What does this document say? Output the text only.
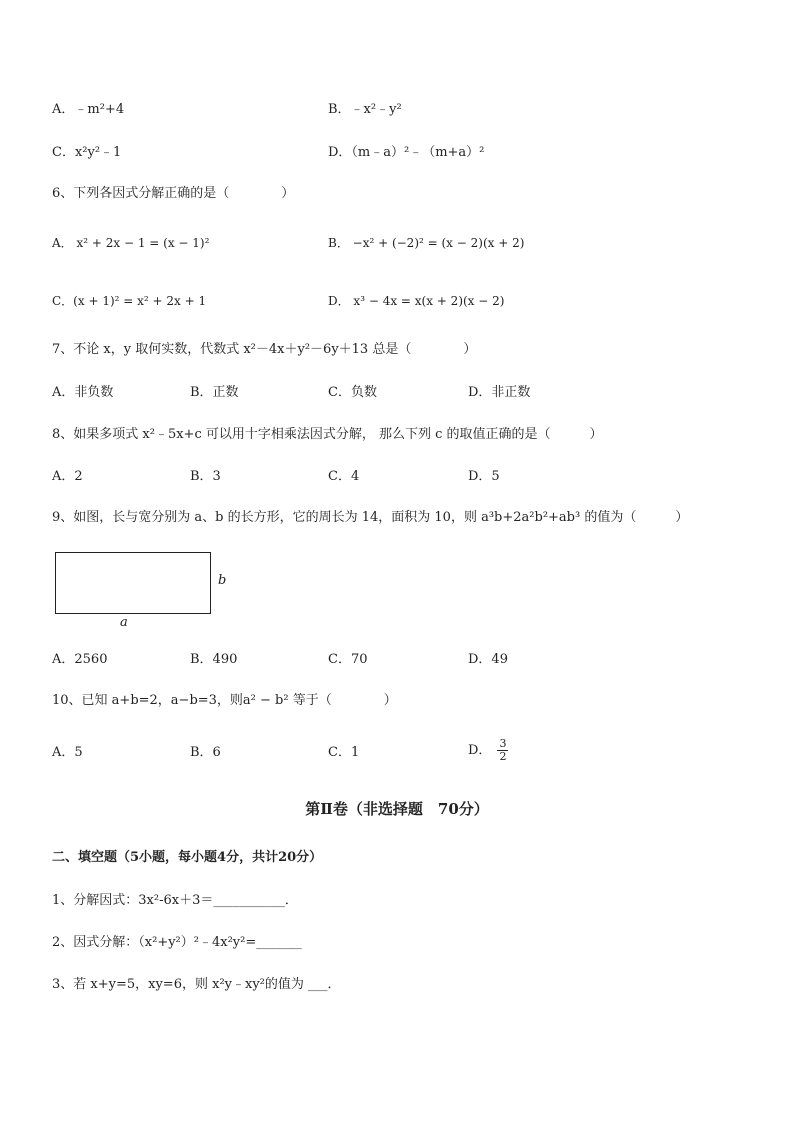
A．﹣m²+4	B．﹣x²﹣y²
C．x²y²﹣1	D．（m﹣a）²﹣（m+a）²
6、下列各因式分解正确的是（　　　　）
A． x² + 2x − 1 = (x − 1)²	B． −x² + (−2)² = (x − 2)(x + 2)
C．(x + 1)² = x² + 2x + 1	D． x³ − 4x = x(x + 2)(x − 2)
7、不论 x，y 取何实数，代数式 x²－4x＋y²－6y＋13 总是（　　　　）
A．非负数	B．正数	C．负数	D．非正数
8、如果多项式 x²﹣5x+c 可以用十字相乘法因式分解， 那么下列 c 的取值正确的是（　　　）
A．2	B．3	C．4	D．5
9、如图，长与宽分别为 a、b 的长方形，它的周长为 14，面积为 10，则 a³b+2a²b²+ab³ 的值为（　　　）
b
a
A．2560	B．490	C．70	D．49
10、已知 a+b=2，a−b=3，则a² − b² 等于（　　　　）
A．5	B．6	C．1	D． $\frac{3}{2}$
第Ⅱ卷（非选择题　70分）
二、填空题（5小题，每小题4分，共计20分）
1、分解因式：3x²-6x＋3＝___________．
2、因式分解：（x²+y²）²﹣4x²y²=_______
3、若 x+y=5，xy=6，则 x²y﹣xy²的值为 ___．
